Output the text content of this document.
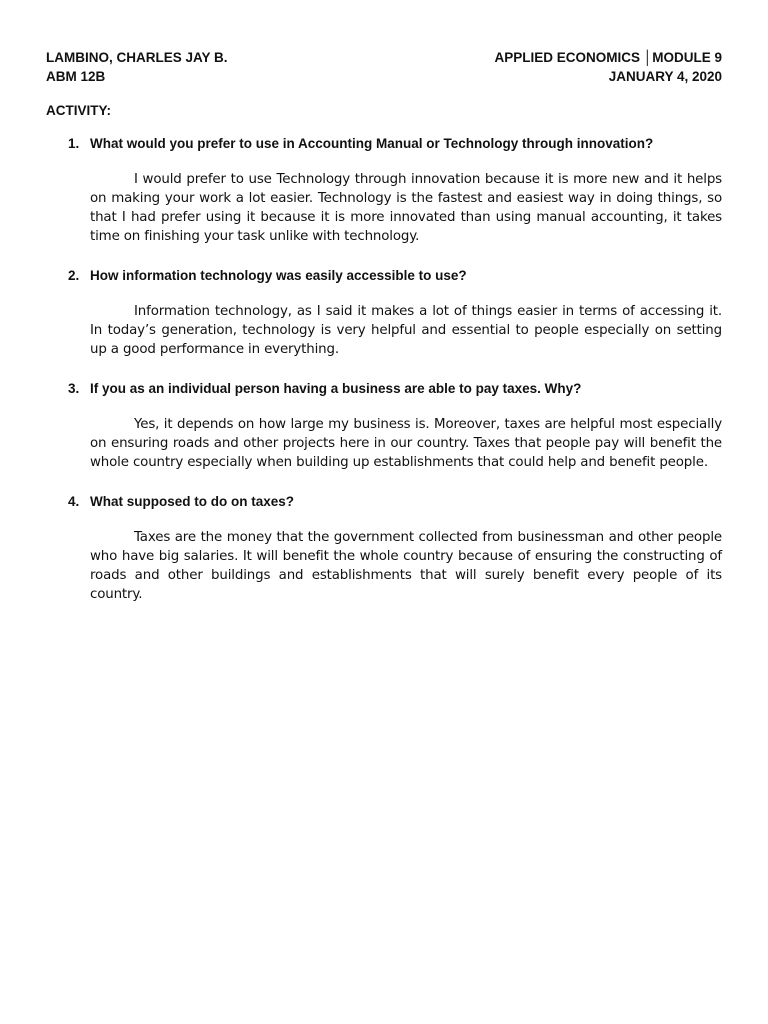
LAMBINO, CHARLES JAY B.
ABM 12B
APPLIED ECONOMICS │MODULE 9
JANUARY 4, 2020
ACTIVITY:
1. What would you prefer to use in Accounting Manual or Technology through innovation?
I would prefer to use Technology through innovation because it is more new and it helps on making your work a lot easier. Technology is the fastest and easiest way in doing things, so that I had prefer using it because it is more innovated than using manual accounting, it takes time on finishing your task unlike with technology.
2. How information technology was easily accessible to use?
Information technology, as I said it makes a lot of things easier in terms of accessing it. In today’s generation, technology is very helpful and essential to people especially on setting up a good performance in everything.
3. If you as an individual person having a business are able to pay taxes. Why?
Yes, it depends on how large my business is. Moreover, taxes are helpful most especially on ensuring roads and other projects here in our country. Taxes that people pay will benefit the whole country especially when building up establishments that could help and benefit people.
4. What supposed to do on taxes?
Taxes are the money that the government collected from businessman and other people who have big salaries. It will benefit the whole country because of ensuring the constructing of roads and other buildings and establishments that will surely benefit every people of its country.
